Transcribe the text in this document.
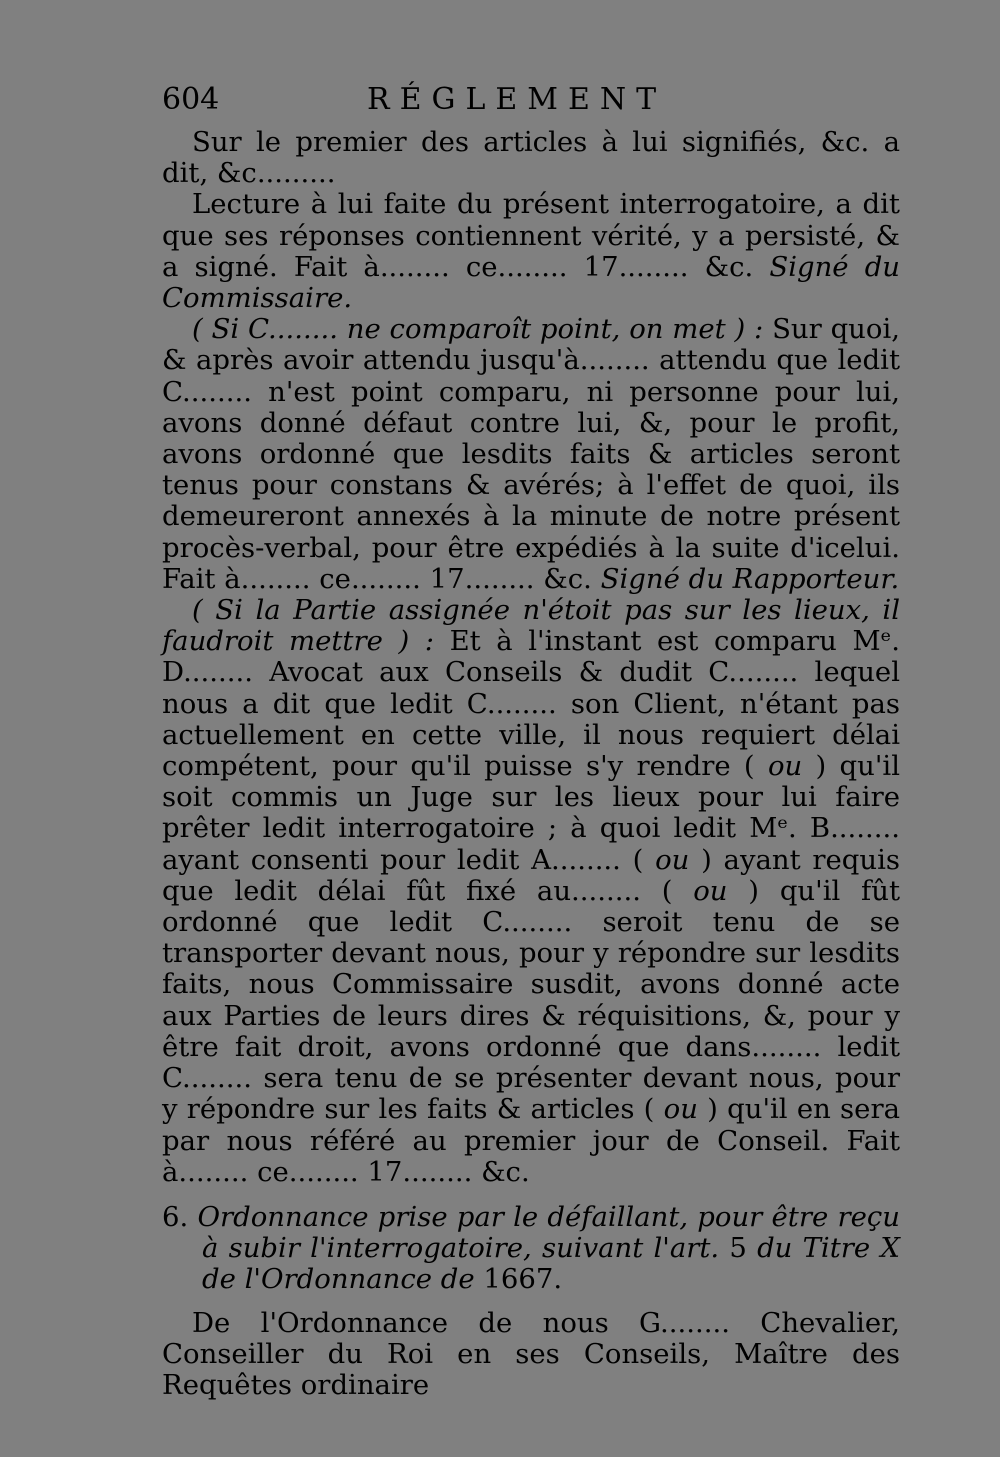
604	RÉGLEMENT

Sur le premier des articles à lui signifiés, &c. a dit, &c.........

Lecture à lui faite du présent interrogatoire, a dit que ses réponses contiennent vérité, y a persisté, & a signé. Fait à........ ce........ 17........ &c. Signé du Commissaire.

( Si C........ ne comparoît point, on met ) : Sur quoi, & après avoir attendu jusqu'à........ attendu que ledit C........ n'est point comparu, ni personne pour lui, avons donné défaut contre lui, &, pour le profit, avons ordonné que lesdits faits & articles seront tenus pour constans & avérés; à l'effet de quoi, ils demeureront annexés à la minute de notre présent procès-verbal, pour être expédiés à la suite d'icelui. Fait à........ ce........ 17........ &c. Signé du Rapporteur.

( Si la Partie assignée n'étoit pas sur les lieux, il faudroit mettre ) : Et à l'instant est comparu Mᵉ. D........ Avocat aux Conseils & dudit C........ lequel nous a dit que ledit C........ son Client, n'étant pas actuellement en cette ville, il nous requiert délai compétent, pour qu'il puisse s'y rendre ( ou ) qu'il soit commis un Juge sur les lieux pour lui faire prêter ledit interrogatoire ; à quoi ledit Mᵉ. B........ ayant consenti pour ledit A........ ( ou ) ayant requis que ledit délai fût fixé au........ ( ou ) qu'il fût ordonné que ledit C........ seroit tenu de se transporter devant nous, pour y répondre sur lesdits faits, nous Commissaire susdit, avons donné acte aux Parties de leurs dires & réquisitions, &, pour y être fait droit, avons ordonné que dans........ ledit C........ sera tenu de se présenter devant nous, pour y répondre sur les faits & articles ( ou ) qu'il en sera par nous référé au premier jour de Conseil. Fait à........ ce........ 17........ &c.

6. Ordonnance prise par le défaillant, pour être reçu à subir l'interrogatoire, suivant l'art. 5 du Titre X de l'Ordonnance de 1667.

De l'Ordonnance de nous G........ Chevalier, Conseiller du Roi en ses Conseils, Maître des Requêtes ordinaire
